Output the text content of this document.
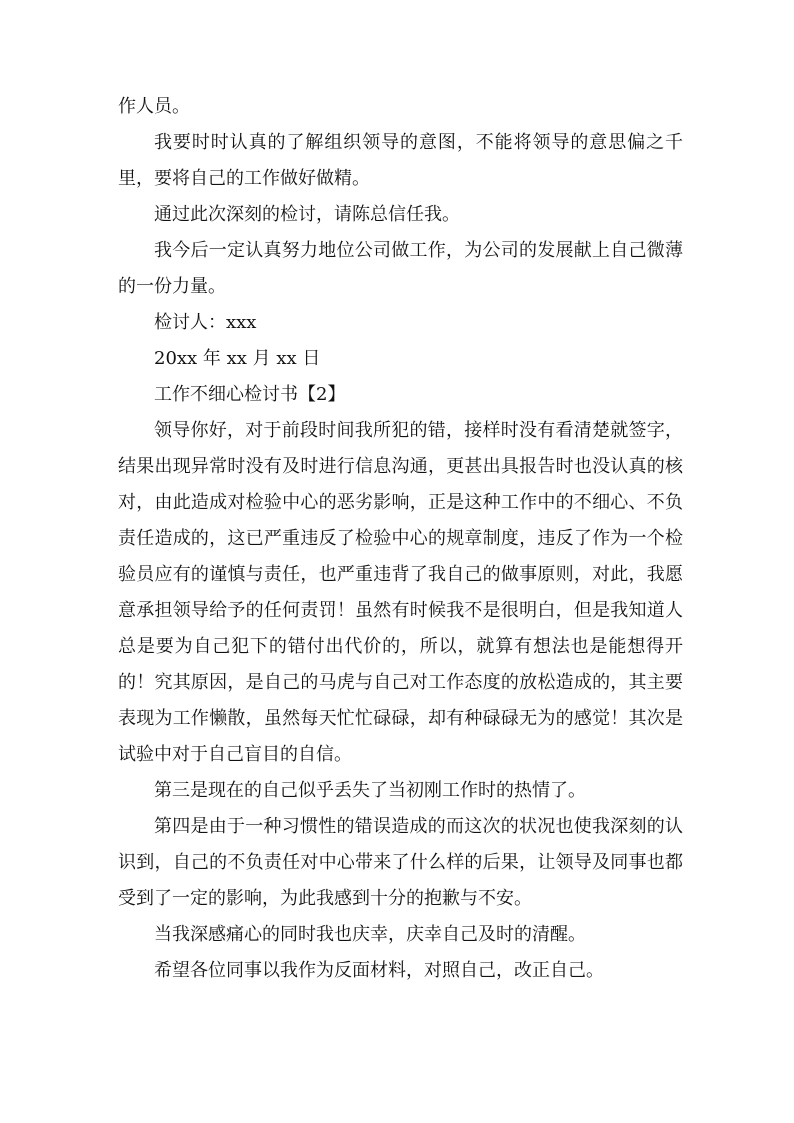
作人员。

我要时时认真的了解组织领导的意图，不能将领导的意思偏之千里，要将自己的工作做好做精。

通过此次深刻的检讨，请陈总信任我。

我今后一定认真努力地位公司做工作，为公司的发展献上自己微薄的一份力量。

检讨人：xxx

20xx 年 xx 月 xx 日

工作不细心检讨书【2】

领导你好，对于前段时间我所犯的错，接样时没有看清楚就签字，结果出现异常时没有及时进行信息沟通，更甚出具报告时也没认真的核对，由此造成对检验中心的恶劣影响，正是这种工作中的不细心、不负责任造成的，这已严重违反了检验中心的规章制度，违反了作为一个检验员应有的谨慎与责任，也严重违背了我自己的做事原则，对此，我愿意承担领导给予的任何责罚！虽然有时候我不是很明白，但是我知道人总是要为自己犯下的错付出代价的，所以，就算有想法也是能想得开的！究其原因，是自己的马虎与自己对工作态度的放松造成的，其主要表现为工作懒散，虽然每天忙忙碌碌，却有种碌碌无为的感觉！其次是试验中对于自己盲目的自信。

第三是现在的自己似乎丢失了当初刚工作时的热情了。

第四是由于一种习惯性的错误造成的而这次的状况也使我深刻的认识到，自己的不负责任对中心带来了什么样的后果，让领导及同事也都受到了一定的影响，为此我感到十分的抱歉与不安。

当我深感痛心的同时我也庆幸，庆幸自己及时的清醒。

希望各位同事以我作为反面材料，对照自己，改正自己。
